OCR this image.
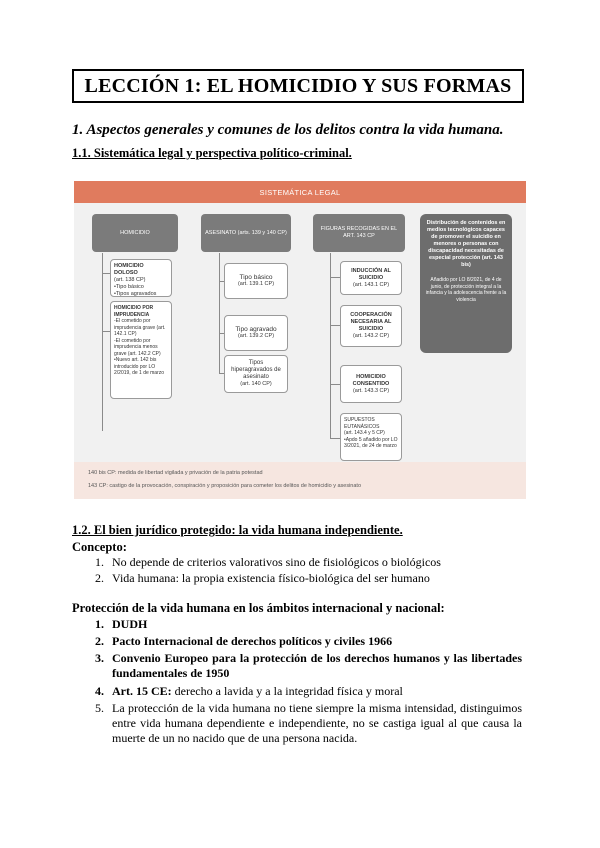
LECCIÓN 1: EL HOMICIDIO Y SUS FORMAS
1. Aspectos generales y comunes de los delitos contra la vida humana.
1.1. Sistemática legal y perspectiva político-criminal.
SISTEMÁTICA LEGAL
HOMICIDIO
HOMICIDIO DOLOSO
(art. 138 CP)
•Tipo básico
•Tipos agravados
HOMICIDIO POR IMPRUDENCIA
-El cometido por imprudencia grave (art. 142.1 CP)
-El cometido por imprudencia menos grave (art. 142.2 CP)
•Nuevo art. 142 bis introducido por LO 2/2019, de 1 de marzo
ASESINATO (arts. 139 y 140 CP)
Tipo básico
(art. 139.1 CP)
Tipo agravado
(art. 139.2 CP)
Tipos hiperagravados de asesinato
(art. 140 CP)
FIGURAS RECOGIDAS EN EL ART. 143 CP
INDUCCIÓN AL SUICIDIO
(art. 143.1 CP)
COOPERACIÓN NECESARIA AL SUICIDIO
(art. 143.2 CP)
HOMICIDIO CONSENTIDO
(art. 143.3 CP)
SUPUESTOS EUTANÁSICOS
(art. 143.4 y 5 CP)
•Apdo 5 añadido por LO 3/2021, de 24 de marzo
Distribución de contenidos en medios tecnológicos capaces de promover el suicidio en menores o personas con discapacidad necesitadas de especial protección (art. 143 bis)
Añadido por LO 8/2021, de 4 de junio, de protección integral a la infancia y la adolescencia frente a la violencia
140 bis CP: medida de libertad vigilada y privación de la patria potestad
143 CP: castigo de la provocación, conspiración y proposición para cometer los delitos de homicidio y asesinato
1.2. El bien jurídico protegido: la vida humana independiente.
Concepto:
1. No depende de criterios valorativos sino de fisiológicos o biológicos
2. Vida humana: la propia existencia físico-biológica del ser humano
Protección de la vida humana en los ámbitos internacional y nacional:
1. DUDH
2. Pacto Internacional de derechos políticos y civiles 1966
3. Convenio Europeo para la protección de los derechos humanos y las libertades fundamentales de 1950
4. Art. 15 CE: derecho a lavida y a la integridad física y moral
5. La protección de la vida humana no tiene siempre la misma intensidad, distinguimos entre vida humana dependiente e independiente, no se castiga igual al que causa la muerte de un no nacido que de una persona nacida.
